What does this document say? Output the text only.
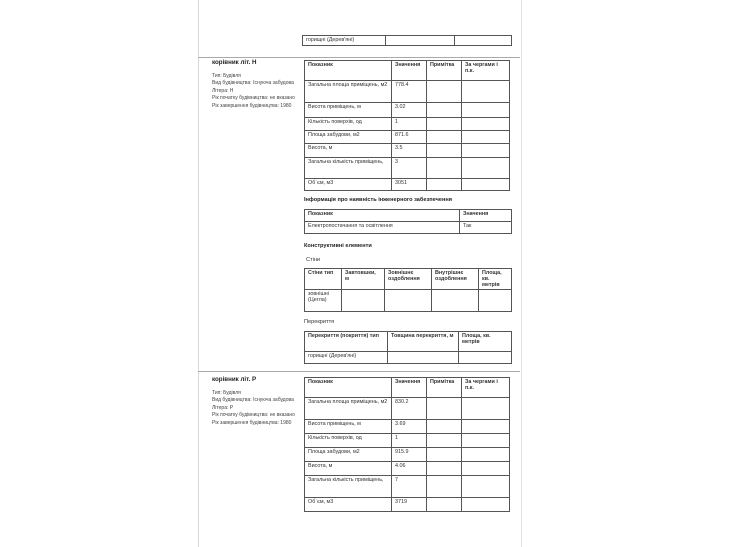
горищні (Дерев'яні)		
корівник літ. Н
Тип: Будівля
Вид будівництва: Існуюча забудова
Літера: Н
Рік початку будівництва: не вказано
Рік завершення будівництва: 1980
Показник	Значення	Примітка	За чергами і п.к.
Загальна площа приміщень, м2	778.4		
Висота приміщень, м	3.02		
Кількість поверхів, од	1		
Площа забудови, м2	871.6		
Висота, м	3.5		
Загальна кількість приміщень,	3		
Об`єм, м3	3051		
Інформація про наявність інженерного забезпечення
Показник	Значення
Електропостачання та освітлення	Так
Конструктивні елементи
Стіни
Стіни тип	Завтовшки, м	Зовнішнє оздоблення	Внутрішнє оздоблення	Площа, кв. метрів
зовнішні (Цегла)				
Перекриття
Перекриття (покриття) тип	Товщина перекриття, м	Площа, кв. метрів
горищні (Дерев'яні)		
корівник літ. Р
Тип: Будівля
Вид будівництва: Існуюча забудова
Літера: Р
Рік початку будівництва: не вказано
Рік завершення будівництва: 1980
Показник	Значення	Примітка	За чергами і п.к.
Загальна площа приміщень, м2	830.2		
Висота приміщень, м	3.69		
Кількість поверхів, од	1		
Площа забудови, м2	915.9		
Висота, м	4.06		
Загальна кількість приміщень,	7		
Об`єм, м3	3719		
